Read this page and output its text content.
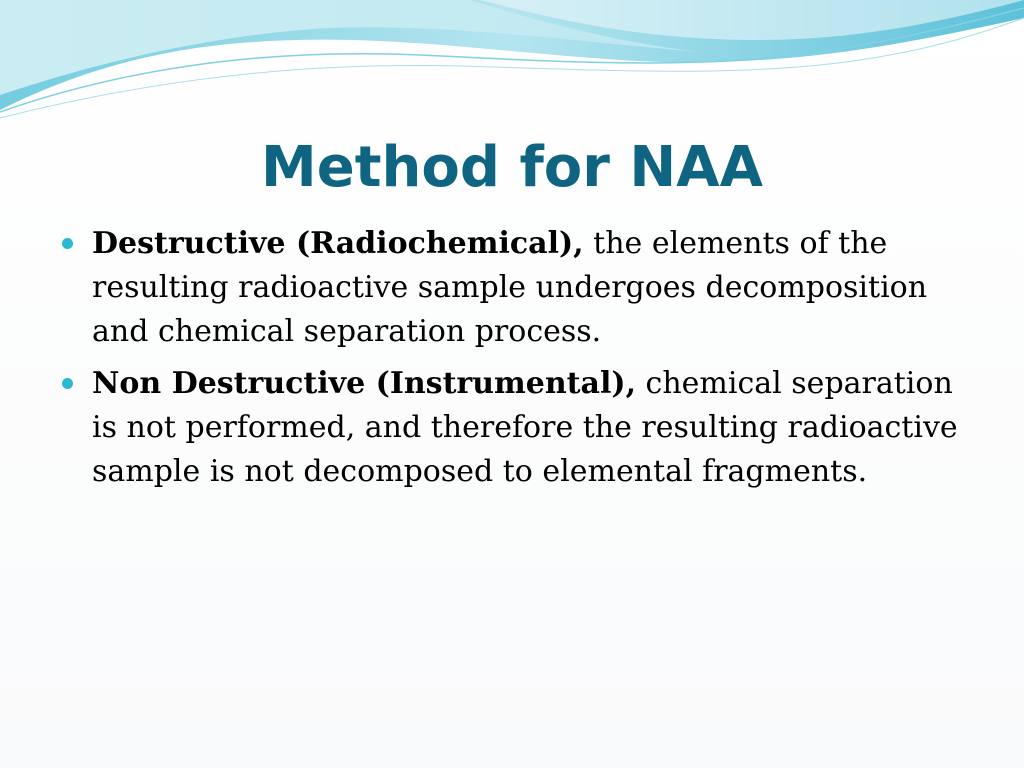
Method for NAA
Destructive (Radiochemical), the elements of the resulting radioactive sample undergoes decomposition and chemical separation process.
Non Destructive (Instrumental), chemical separation is not performed, and therefore the resulting radioactive sample is not decomposed to elemental fragments.
